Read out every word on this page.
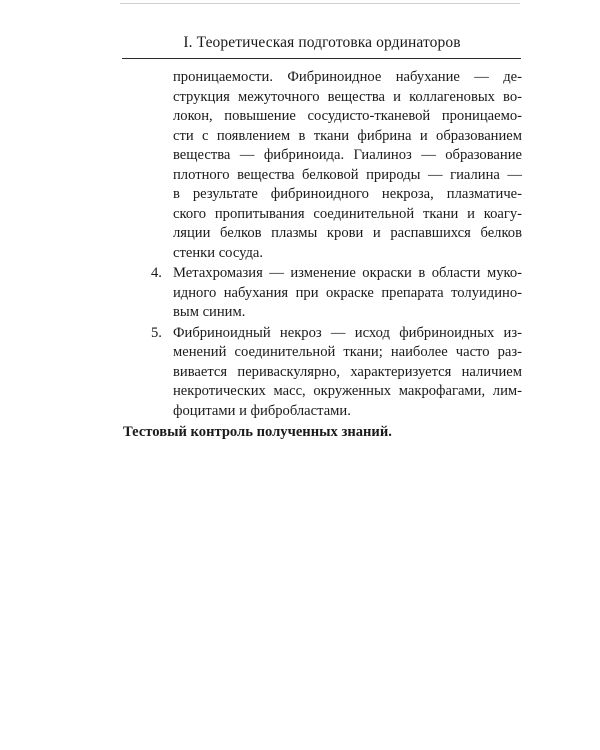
I. Теоретическая подготовка ординаторов
проницаемости. Фибриноидное набухание — де-
струкция межуточного вещества и коллагеновых во-
локон, повышение сосудисто-тканевой проницаемо-
сти с появлением в ткани фибрина и образованием
вещества — фибриноида. Гиалиноз — образование
плотного вещества белковой природы — гиалина —
в результате фибриноидного некроза, плазматиче-
ского пропитывания соединительной ткани и коагу-
ляции белков плазмы крови и распавшихся белков
стенки сосуда.
4. Метахромазия — изменение окраски в области муко-
идного набухания при окраске препарата толуидино-
вым синим.
5. Фибриноидный некроз — исход фибриноидных из-
менений соединительной ткани; наиболее часто раз-
вивается периваскулярно, характеризуется наличием
некротических масс, окруженных макрофагами, лим-
фоцитами и фибробластами.
Тестовый контроль полученных знаний.
